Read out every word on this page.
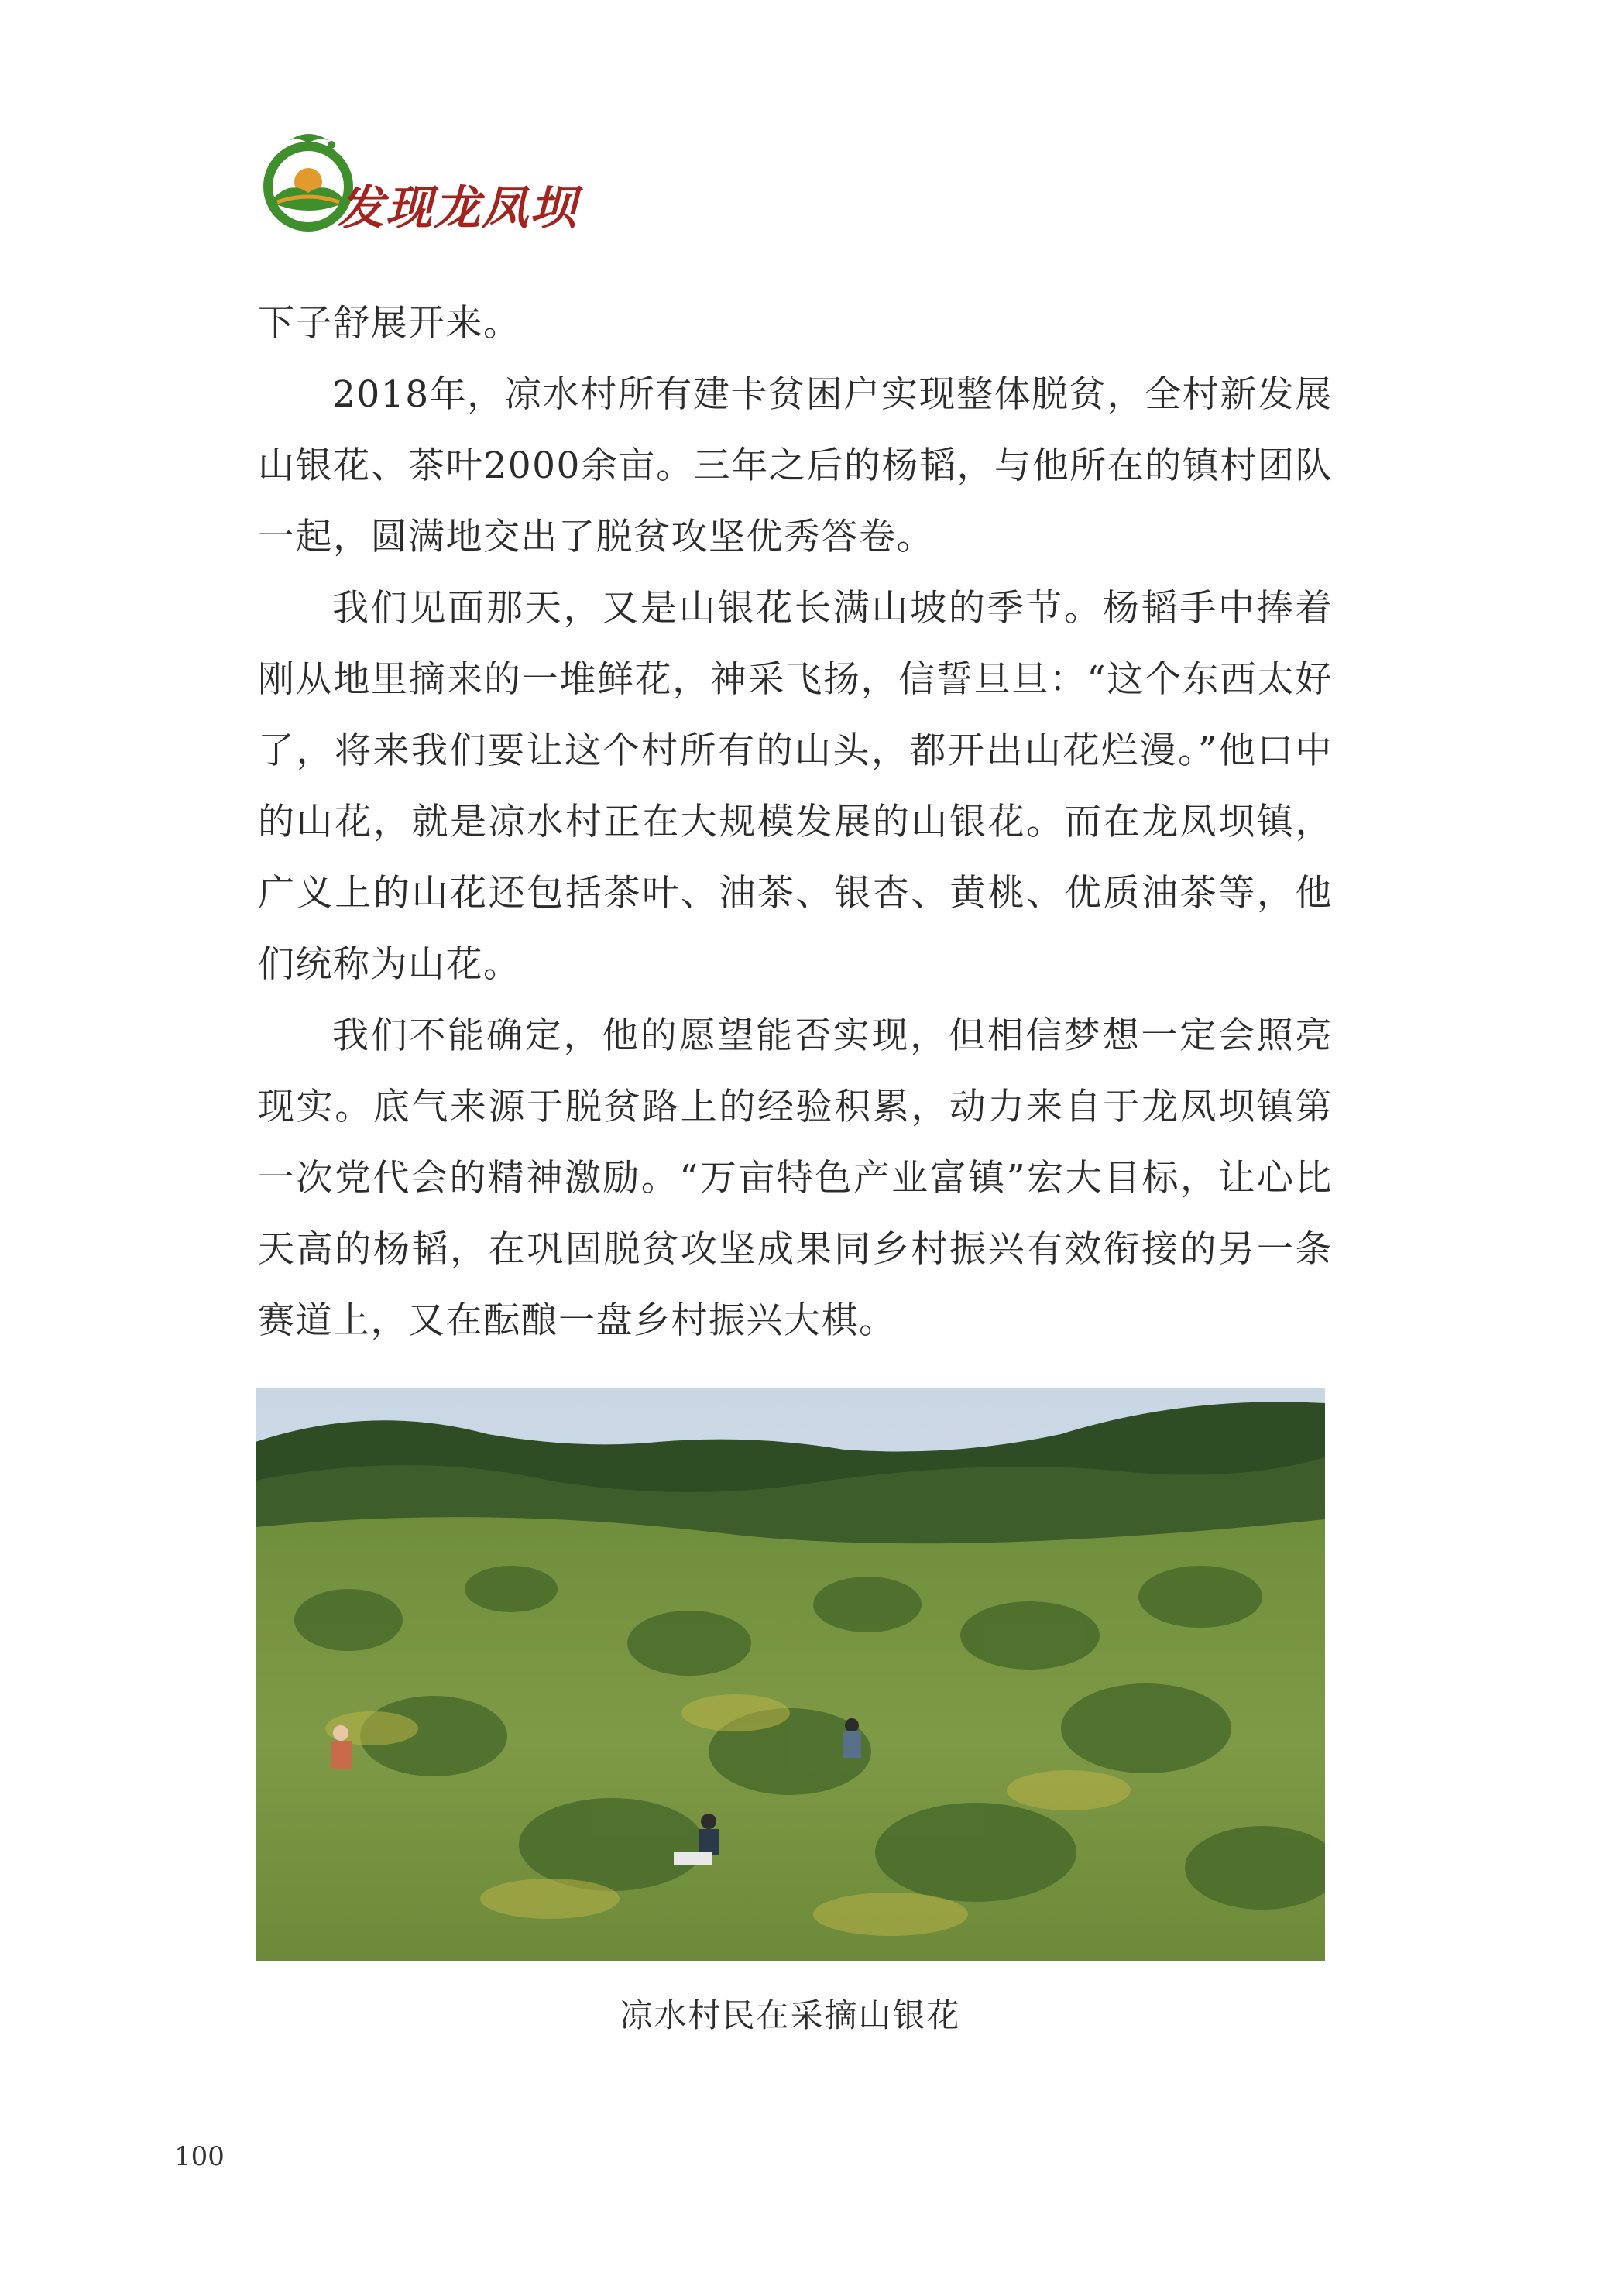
发现龙凤坝

下子舒展开来。

2018年，凉水村所有建卡贫困户实现整体脱贫，全村新发展山银花、茶叶2000余亩。三年之后的杨韬，与他所在的镇村团队一起，圆满地交出了脱贫攻坚优秀答卷。

我们见面那天，又是山银花长满山坡的季节。杨韬手中捧着刚从地里摘来的一堆鲜花，神采飞扬，信誓旦旦：“这个东西太好了，将来我们要让这个村所有的山头，都开出山花烂漫。”他口中的山花，就是凉水村正在大规模发展的山银花。而在龙凤坝镇，广义上的山花还包括茶叶、油茶、银杏、黄桃、优质油茶等，他们统称为山花。

我们不能确定，他的愿望能否实现，但相信梦想一定会照亮现实。底气来源于脱贫路上的经验积累，动力来自于龙凤坝镇第一次党代会的精神激励。“万亩特色产业富镇”宏大目标，让心比天高的杨韬，在巩固脱贫攻坚成果同乡村振兴有效衔接的另一条赛道上，又在酝酿一盘乡村振兴大棋。

凉水村民在采摘山银花
100
